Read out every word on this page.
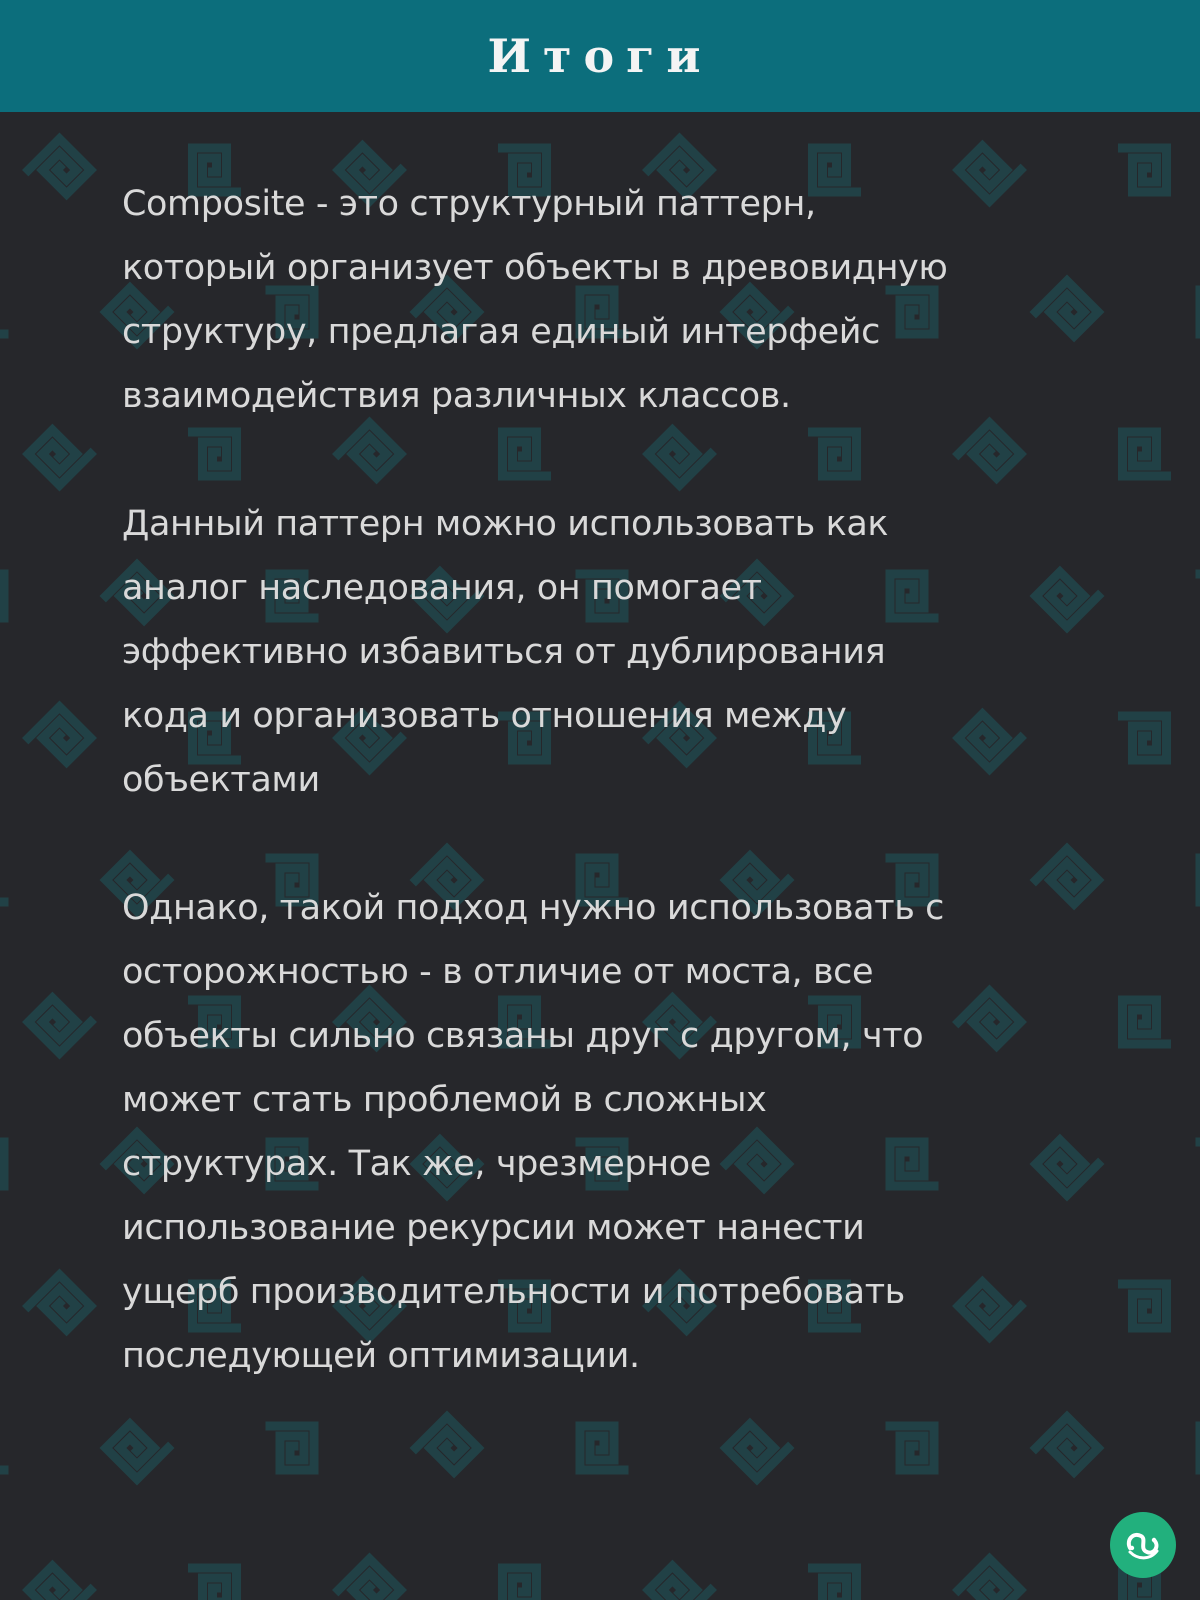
Итоги

Composite - это структурный паттерн,
который организует объекты в древовидную
структуру, предлагая единый интерфейс
взаимодействия различных классов.

Данный паттерн можно использовать как
аналог наследования, он помогает
эффективно избавиться от дублирования
кода и организовать отношения между
объектами

Однако, такой подход нужно использовать с
осторожностью - в отличие от моста, все
объекты сильно связаны друг с другом, что
может стать проблемой в сложных
структурах. Так же, чрезмерное
использование рекурсии может нанести
ущерб производительности и потребовать
последующей оптимизации.
